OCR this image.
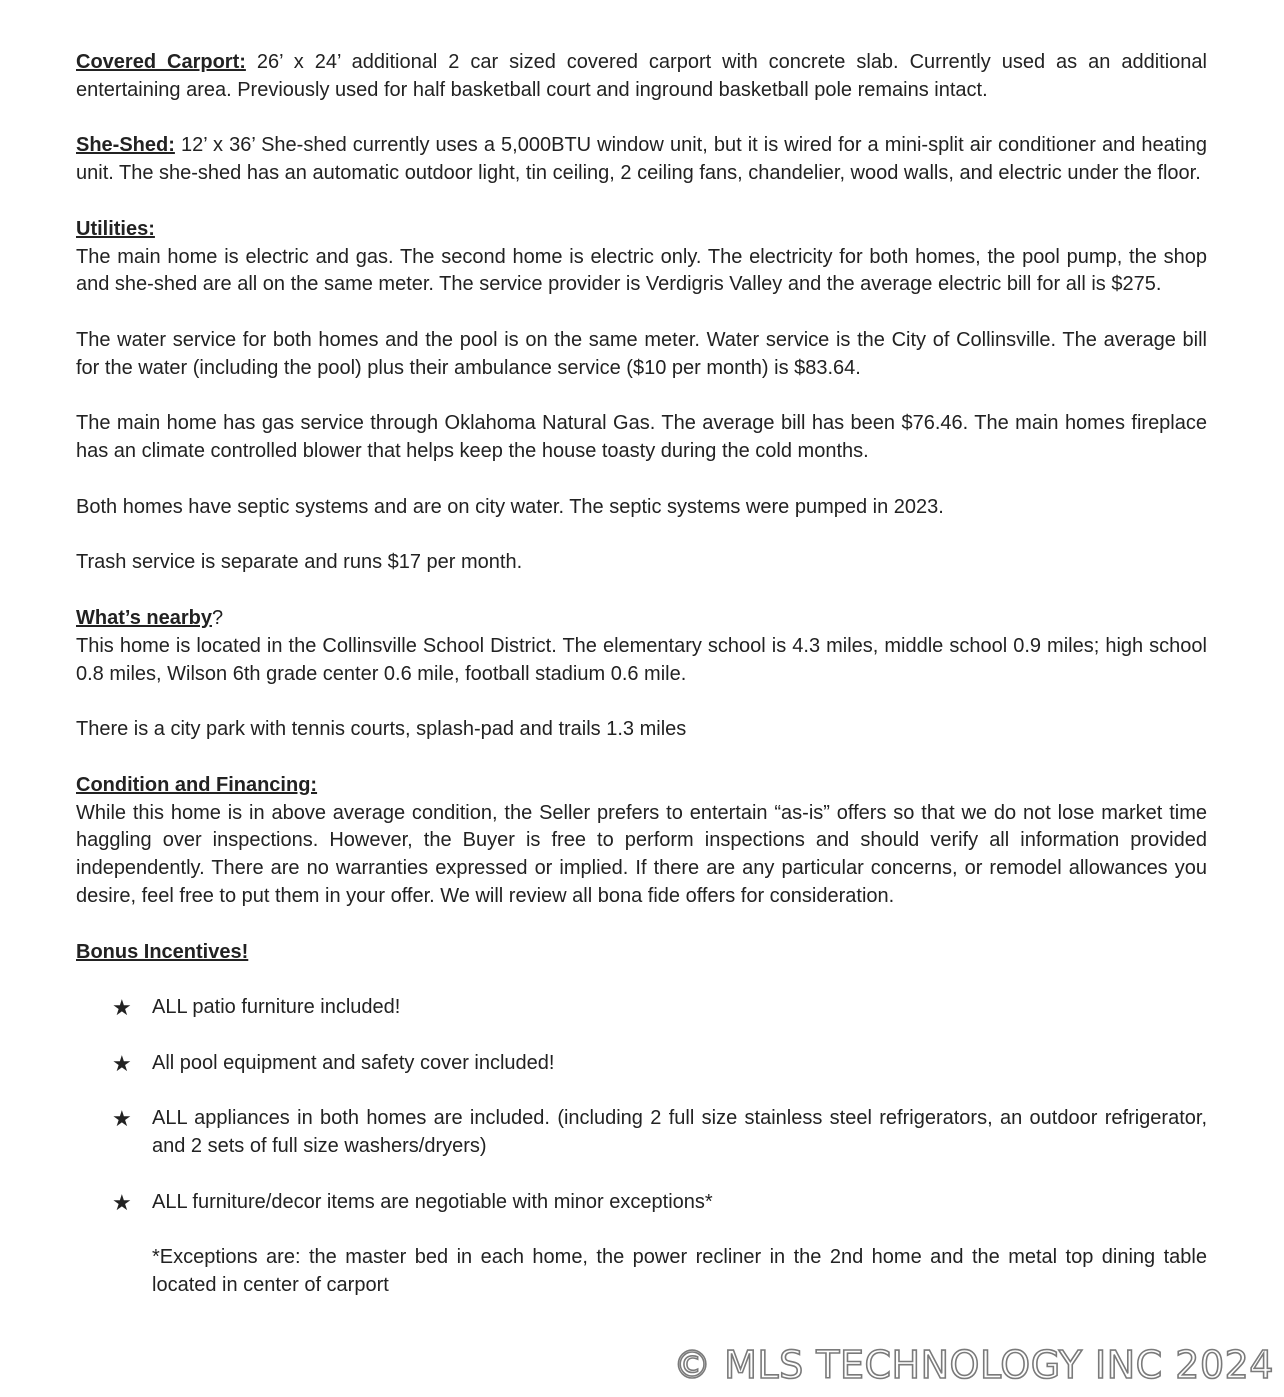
Covered Carport: 26’ x 24’ additional 2 car sized covered carport with concrete slab. Currently used as an additional entertaining area. Previously used for half basketball court and inground basketball pole remains intact.

She-Shed: 12’ x 36’ She-shed currently uses a 5,000BTU window unit, but it is wired for a mini-split air conditioner and heating unit. The she-shed has an automatic outdoor light, tin ceiling, 2 ceiling fans, chandelier, wood walls, and electric under the floor.

Utilities:

The main home is electric and gas. The second home is electric only. The electricity for both homes, the pool pump, the shop and she-shed are all on the same meter. The service provider is Verdigris Valley and the average electric bill for all is $275.

The water service for both homes and the pool is on the same meter. Water service is the City of Collinsville. The average bill for the water (including the pool) plus their ambulance service ($10 per month) is $83.64.

The main home has gas service through Oklahoma Natural Gas. The average bill has been $76.46. The main homes fireplace has an climate controlled blower that helps keep the house toasty during the cold months.

Both homes have septic systems and are on city water. The septic systems were pumped in 2023.

Trash service is separate and runs $17 per month.

What’s nearby?

This home is located in the Collinsville School District. The elementary school is 4.3 miles, middle school 0.9 miles; high school 0.8 miles, Wilson 6th grade center 0.6 mile, football stadium 0.6 mile.

There is a city park with tennis courts, splash-pad and trails 1.3 miles

Condition and Financing:

While this home is in above average condition, the Seller prefers to entertain “as-is” offers so that we do not lose market time haggling over inspections. However, the Buyer is free to perform inspections and should verify all information provided independently. There are no warranties expressed or implied. If there are any particular concerns, or remodel allowances you desire, feel free to put them in your offer. We will review all bona fide offers for consideration.

Bonus Incentives!
★ ALL patio furniture included!
★ All pool equipment and safety cover included!
★ ALL appliances in both homes are included. (including 2 full size stainless steel refrigerators, an outdoor refrigerator, and 2 sets of full size washers/dryers)
★ ALL furniture/decor items are negotiable with minor exceptions*

*Exceptions are: the master bed in each home, the power recliner in the 2nd home and the metal top dining table located in center of carport

© MLS TECHNOLOGY INC 2024
